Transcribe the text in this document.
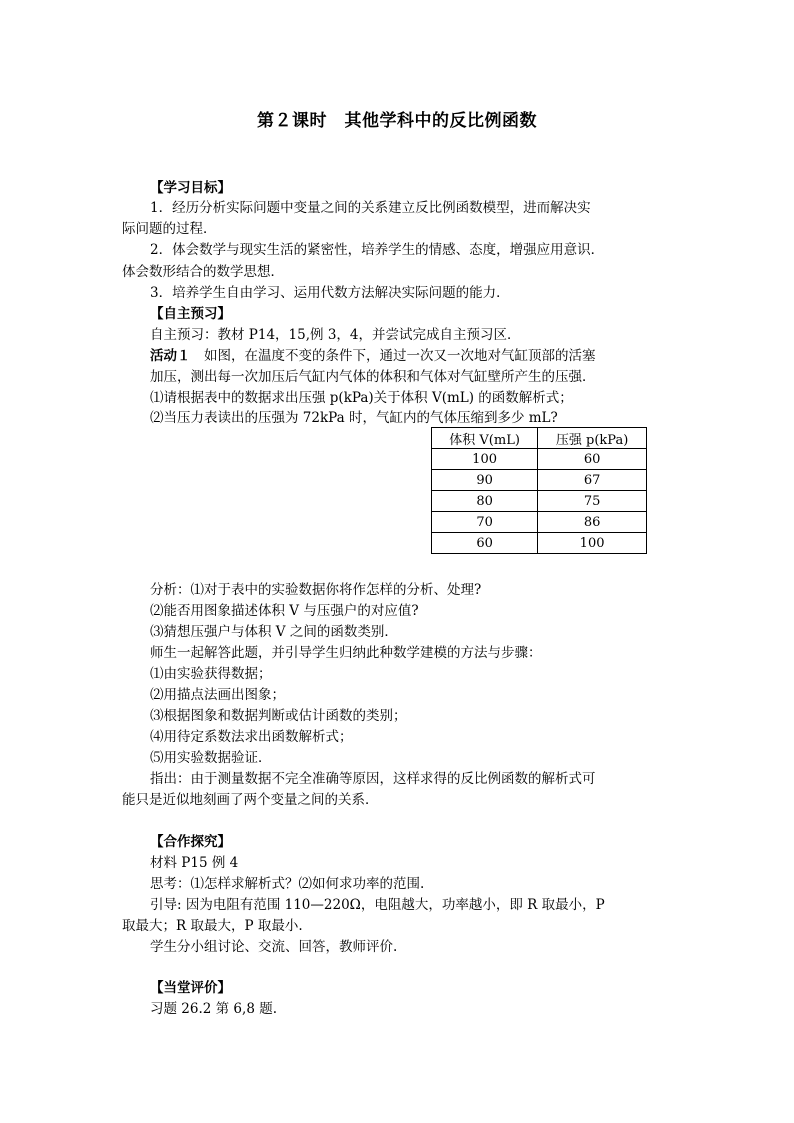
第２课时　其他学科中的反比例函数
【学习目标】
1．经历分析实际问题中变量之间的关系建立反比例函数模型，进而解决实
际问题的过程．
2．体会数学与现实生活的紧密性，培养学生的情感、态度，增强应用意识．
体会数形结合的数学思想．
3．培养学生自由学习、运用代数方法解决实际问题的能力．
【自主预习】
自主预习：教材 P14，15,例 3，4，并尝试完成自主预习区．
活动１　如图，在温度不变的条件下，通过一次又一次地对气缸顶部的活塞
加压，测出每一次加压后气缸内气体的体积和气体对气缸壁所产生的压强．
⑴请根据表中的数据求出压强 p(kPa)关于体积 V(mL) 的函数解析式；
⑵当压力表读出的压强为 72kPa 时，气缸内的气体压缩到多少 mL?
体积 V(mL)	压强 p(kPa)
100	60
90	67
80	75
70	86
60	100
分析：⑴对于表中的实验数据你将作怎样的分析、处理?
⑵能否用图象描述体积 V 与压强户的对应值?
⑶猜想压强户与体积 V 之间的函数类别．
师生一起解答此题，并引导学生归纳此种数学建模的方法与步骤：
⑴由实验获得数据；
⑵用描点法画出图象；
⑶根据图象和数据判断或估计函数的类别；
⑷用待定系数法求出函数解析式；
⑸用实验数据验证．
指出：由于测量数据不完全准确等原因，这样求得的反比例函数的解析式可
能只是近似地刻画了两个变量之间的关系．
【合作探究】
材料 P15 例 4
思考：⑴怎样求解析式？⑵如何求功率的范围.
引导: 因为电阻有范围 110—220Ω，电阻越大，功率越小，即 R 取最小，P
取最大；R 取最大，P 取最小.
学生分小组讨论、交流、回答，教师评价.
【当堂评价】
习题 26.2 第 6,8 题.
